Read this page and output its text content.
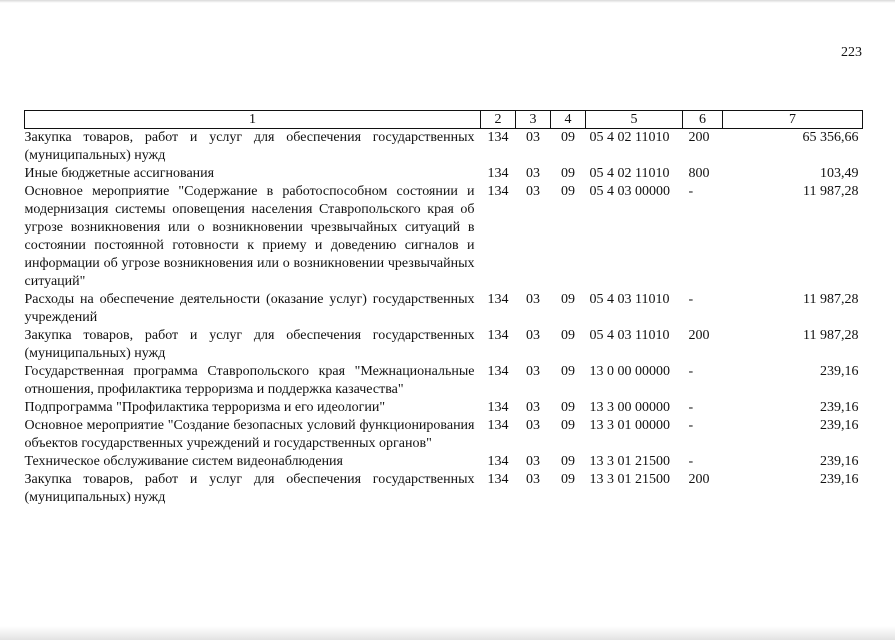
223
1	2	3	4	5	6	7
Закупка товаров, работ и услуг для обеспечения государственных (муниципальных) нужд	134	03	09	05 4 02 11010	200	65 356,66
Иные бюджетные ассигнования	134	03	09	05 4 02 11010	800	103,49
Основное мероприятие "Содержание в работоспособном состоянии и модернизация системы оповещения населения Ставропольского края об угрозе возникновения или о возникновении чрезвычайных ситуаций в состоянии постоянной готовности к приему и доведению сигналов и информации об угрозе возникновения или о возникновении чрезвычайных ситуаций"	134	03	09	05 4 03 00000	-	11 987,28
Расходы на обеспечение деятельности (оказание услуг) государственных учреждений	134	03	09	05 4 03 11010	-	11 987,28
Закупка товаров, работ и услуг для обеспечения государственных (муниципальных) нужд	134	03	09	05 4 03 11010	200	11 987,28
Государственная программа Ставропольского края "Межнациональные отношения, профилактика терроризма и поддержка казачества"	134	03	09	13 0 00 00000	-	239,16
Подпрограмма "Профилактика терроризма и его идеологии"	134	03	09	13 3 00 00000	-	239,16
Основное мероприятие "Создание безопасных условий функционирования объектов государственных учреждений и государственных органов"	134	03	09	13 3 01 00000	-	239,16
Техническое обслуживание систем видеонаблюдения	134	03	09	13 3 01 21500	-	239,16
Закупка товаров, работ и услуг для обеспечения государственных (муниципальных) нужд	134	03	09	13 3 01 21500	200	239,16
